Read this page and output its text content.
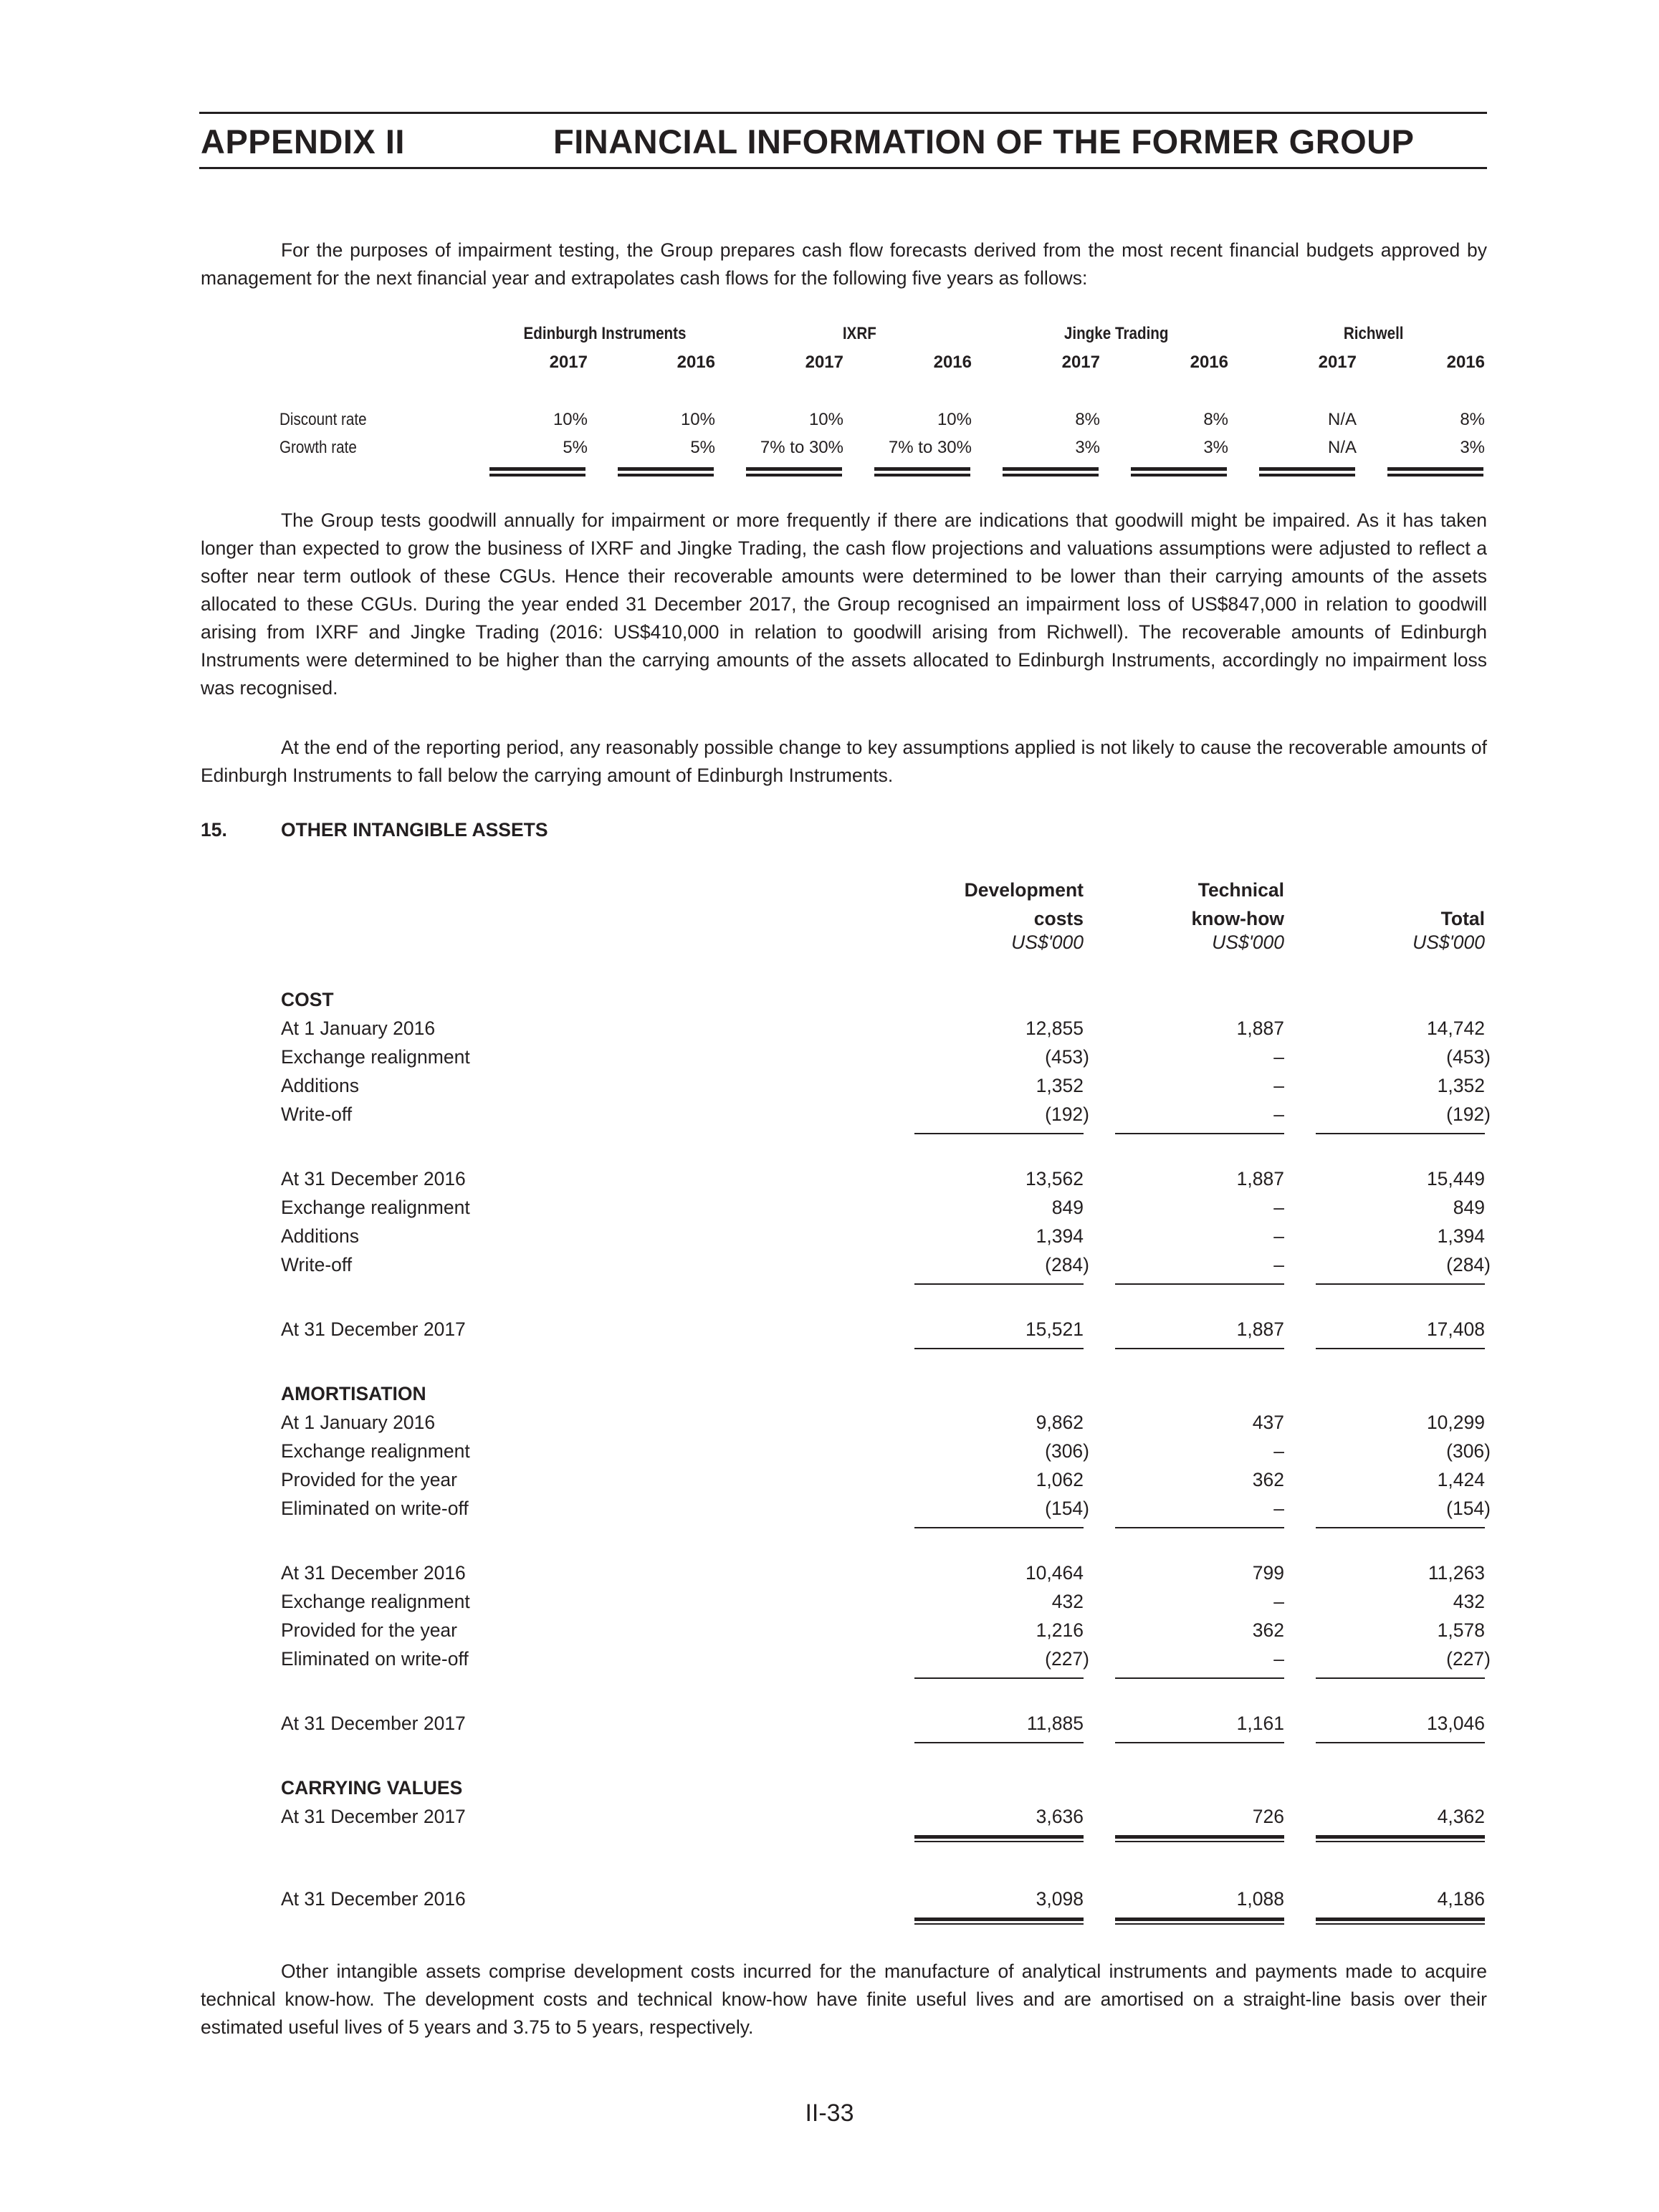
APPENDIX II	FINANCIAL INFORMATION OF THE FORMER GROUP

For the purposes of impairment testing, the Group prepares cash flow forecasts derived from the most recent financial budgets approved by management for the next financial year and extrapolates cash flows for the following five years as follows:

Edinburgh Instruments	IXRF	Jingke Trading	Richwell
2017	2016	2017	2016	2017	2016	2017	2016
Discount rate	10%	10%	10%	10%	8%	8%	N/A	8%
Growth rate	5%	5%	7% to 30%	7% to 30%	3%	3%	N/A	3%

The Group tests goodwill annually for impairment or more frequently if there are indications that goodwill might be impaired. As it has taken longer than expected to grow the business of IXRF and Jingke Trading, the cash flow projections and valuations assumptions were adjusted to reflect a softer near term outlook of these CGUs. Hence their recoverable amounts were determined to be lower than their carrying amounts of the assets allocated to these CGUs. During the year ended 31 December 2017, the Group recognised an impairment loss of US$847,000 in relation to goodwill arising from IXRF and Jingke Trading (2016: US$410,000 in relation to goodwill arising from Richwell). The recoverable amounts of Edinburgh Instruments were determined to be higher than the carrying amounts of the assets allocated to Edinburgh Instruments, accordingly no impairment loss was recognised.

At the end of the reporting period, any reasonably possible change to key assumptions applied is not likely to cause the recoverable amounts of Edinburgh Instruments to fall below the carrying amount of Edinburgh Instruments.

15.	OTHER INTANGIBLE ASSETS
Development
costs
Technical
know-how	Total
US$'000	US$'000	US$'000
COST
At 1 January 2016	12,855	1,887	14,742
Exchange realignment	(453)	–	(453)
Additions	1,352	–	1,352
Write-off	(192)	–	(192)
At 31 December 2016	13,562	1,887	15,449
Exchange realignment	849	–	849
Additions	1,394	–	1,394
Write-off	(284)	–	(284)
At 31 December 2017	15,521	1,887	17,408
AMORTISATION
At 1 January 2016	9,862	437	10,299
Exchange realignment	(306)	–	(306)
Provided for the year	1,062	362	1,424
Eliminated on write-off	(154)	–	(154)
At 31 December 2016	10,464	799	11,263
Exchange realignment	432	–	432
Provided for the year	1,216	362	1,578
Eliminated on write-off	(227)	–	(227)
At 31 December 2017	11,885	1,161	13,046
CARRYING VALUES
At 31 December 2017	3,636	726	4,362
At 31 December 2016	3,098	1,088	4,186

Other intangible assets comprise development costs incurred for the manufacture of analytical instruments and payments made to acquire technical know-how. The development costs and technical know-how have finite useful lives and are amortised on a straight-line basis over their estimated useful lives of 5 years and 3.75 to 5 years, respectively.

II-33
